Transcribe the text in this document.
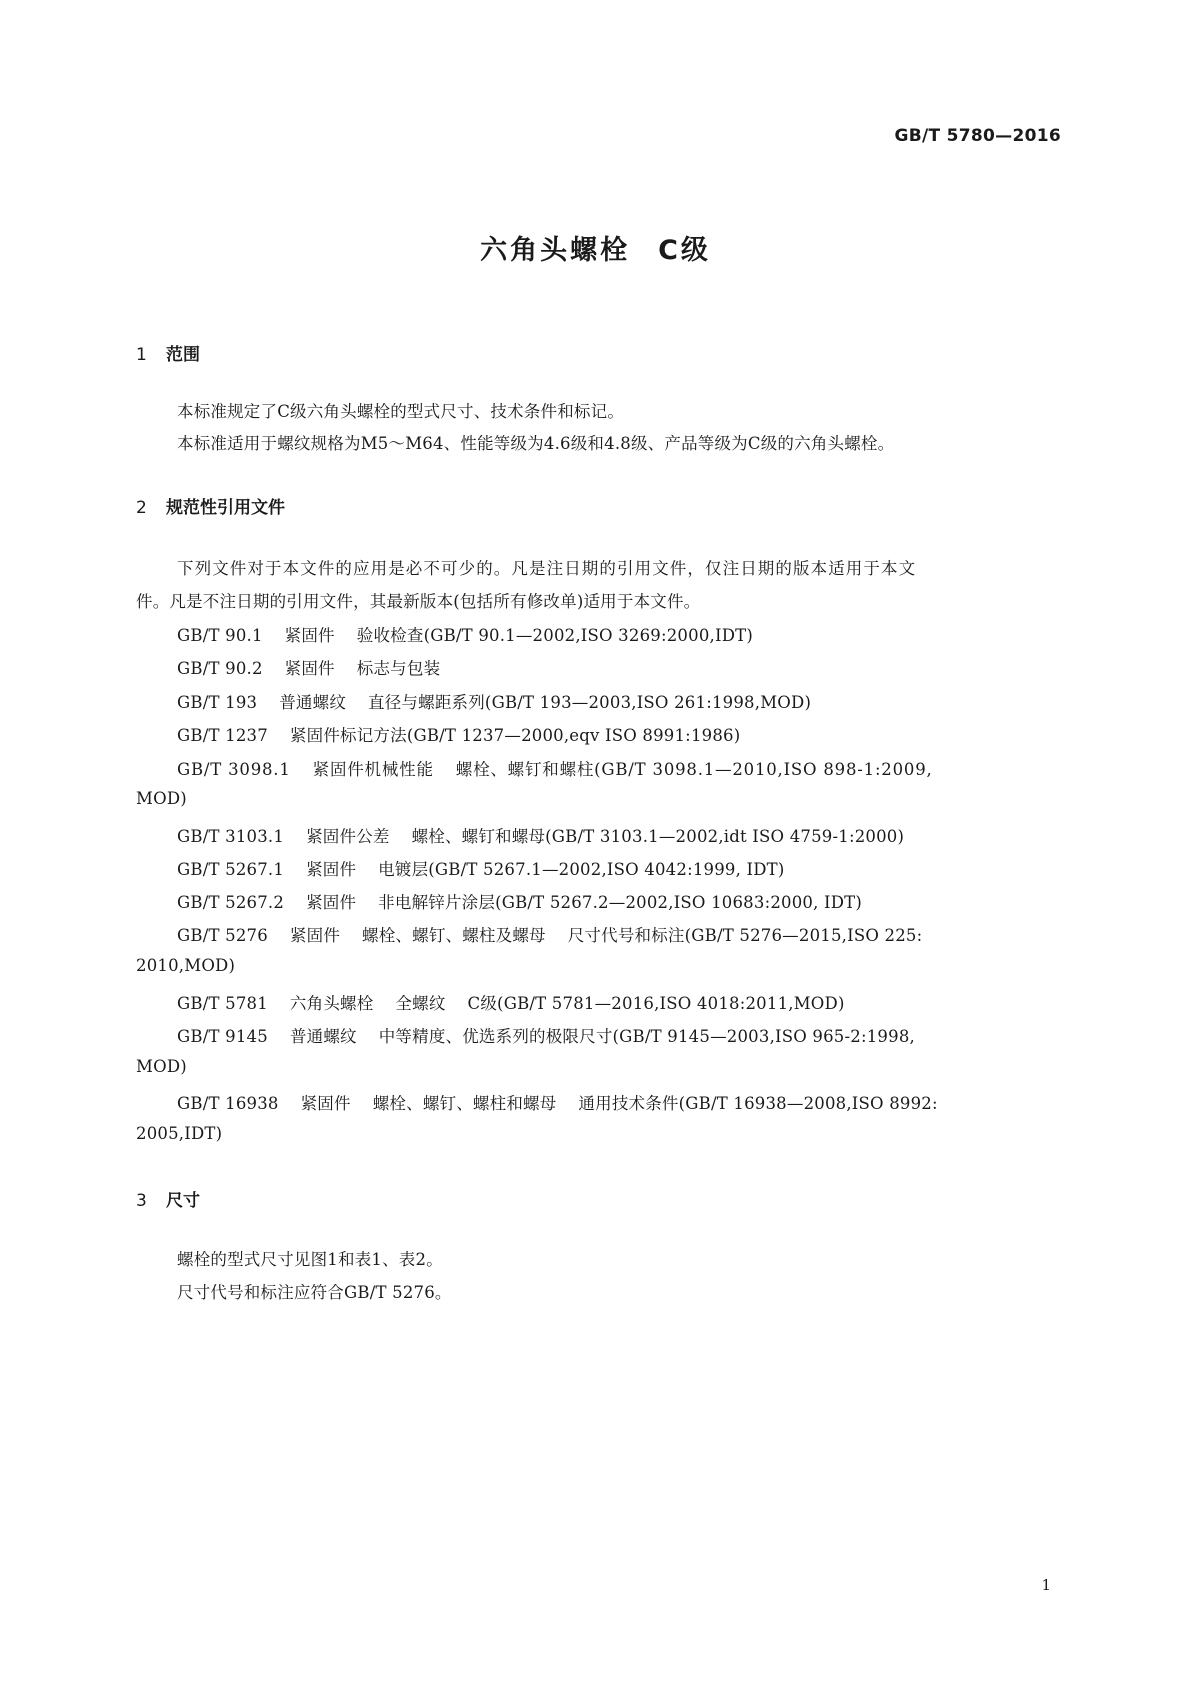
GB/T 5780—2016
六角头螺栓 C级
1 范围
本标准规定了C级六角头螺栓的型式尺寸、技术条件和标记。
本标准适用于螺纹规格为M5～M64、性能等级为4.6级和4.8级、产品等级为C级的六角头螺栓。
2 规范性引用文件
下列文件对于本文件的应用是必不可少的。凡是注日期的引用文件，仅注日期的版本适用于本文
件。凡是不注日期的引用文件，其最新版本(包括所有修改单)适用于本文件。
GB/T 90.1 紧固件 验收检查(GB/T 90.1—2002,ISO 3269:2000,IDT)
GB/T 90.2 紧固件 标志与包装
GB/T 193 普通螺纹 直径与螺距系列(GB/T 193—2003,ISO 261:1998,MOD)
GB/T 1237 紧固件标记方法(GB/T 1237—2000,eqv ISO 8991:1986)
GB/T 3098.1 紧固件机械性能 螺栓、螺钉和螺柱(GB/T 3098.1—2010,ISO 898-1:2009,
MOD)
GB/T 3103.1 紧固件公差 螺栓、螺钉和螺母(GB/T 3103.1—2002,idt ISO 4759-1:2000)
GB/T 5267.1 紧固件 电镀层(GB/T 5267.1—2002,ISO 4042:1999, IDT)
GB/T 5267.2 紧固件 非电解锌片涂层(GB/T 5267.2—2002,ISO 10683:2000, IDT)
GB/T 5276 紧固件 螺栓、螺钉、螺柱及螺母 尺寸代号和标注(GB/T 5276—2015,ISO 225:
2010,MOD)
GB/T 5781 六角头螺栓 全螺纹 C级(GB/T 5781—2016,ISO 4018:2011,MOD)
GB/T 9145 普通螺纹 中等精度、优选系列的极限尺寸(GB/T 9145—2003,ISO 965-2:1998,
MOD)
GB/T 16938 紧固件 螺栓、螺钉、螺柱和螺母 通用技术条件(GB/T 16938—2008,ISO 8992:
2005,IDT)
3 尺寸
螺栓的型式尺寸见图1和表1、表2。
尺寸代号和标注应符合GB/T 5276。
1
